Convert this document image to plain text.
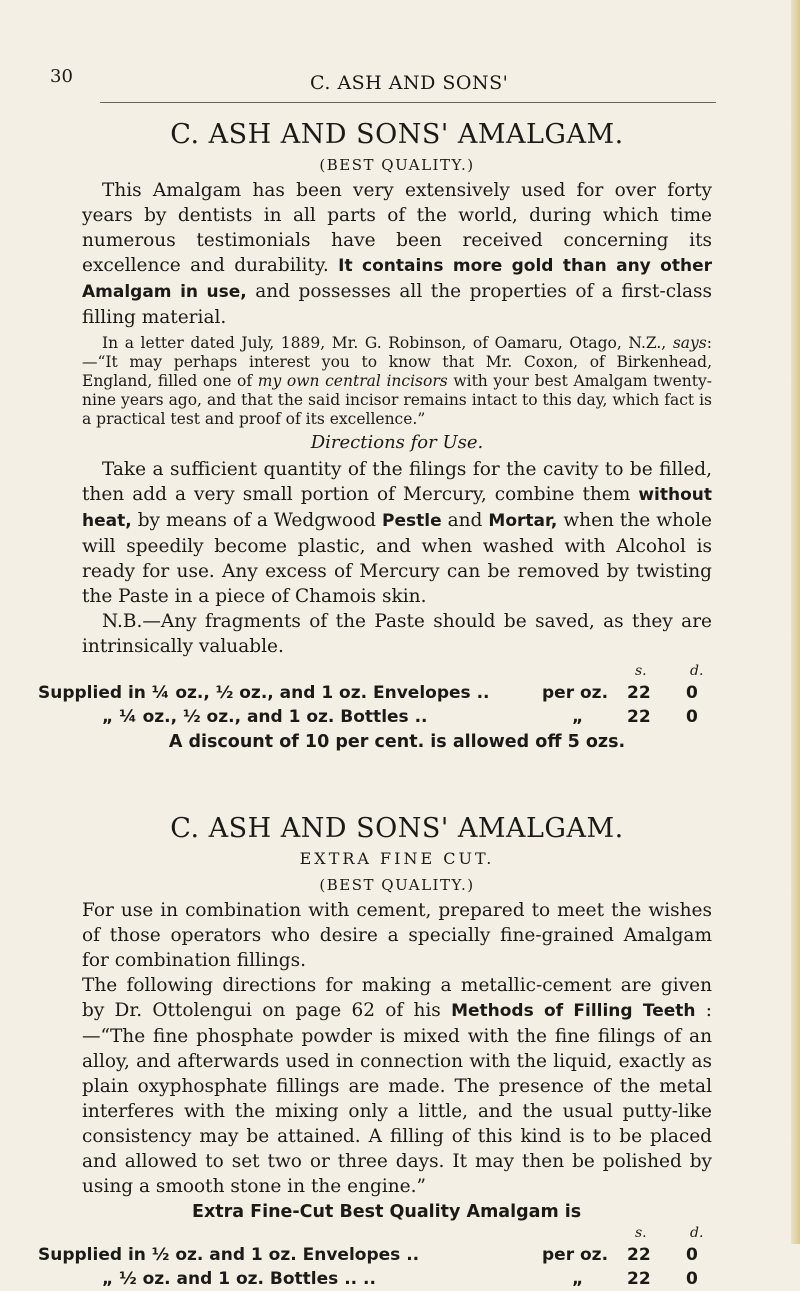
30	C. ASH AND SONS'
C. ASH AND SONS' AMALGAM.
(BEST QUALITY.)

This Amalgam has been very extensively used for over forty years by dentists in all parts of the world, during which time numerous testimonials have been received concerning its excellence and durability. It contains more gold than any other Amalgam in use, and possesses all the properties of a first-class filling material.

In a letter dated July, 1889, Mr. G. Robinson, of Oamaru, Otago, N.Z., says:—“It may perhaps interest you to know that Mr. Coxon, of Birkenhead, England, filled one of my own central incisors with your best Amalgam twenty-nine years ago, and that the said incisor remains intact to this day, which fact is a practical test and proof of its excellence.”

Directions for Use.

Take a sufficient quantity of the filings for the cavity to be filled, then add a very small portion of Mercury, combine them without heat, by means of a Wedgwood Pestle and Mortar, when the whole will speedily become plastic, and when washed with Alcohol is ready for use. Any excess of Mercury can be removed by twisting the Paste in a piece of Chamois skin.

N.B.—Any fragments of the Paste should be saved, as they are intrinsically valuable.

s.	d.
Supplied in ¼ oz., ½ oz., and 1 oz. Envelopes ..	per oz. 22 0
„ ¼ oz., ½ oz., and 1 oz. Bottles ..	„	22 0
A discount of 10 per cent. is allowed off 5 ozs.
C. ASH AND SONS' AMALGAM.
EXTRA FINE CUT.
(BEST QUALITY.)

For use in combination with cement, prepared to meet the wishes of those operators who desire a specially fine-grained Amalgam for combination fillings.

The following directions for making a metallic-cement are given by Dr. Ottolengui on page 62 of his Methods of Filling Teeth :—“The fine phosphate powder is mixed with the fine filings of an alloy, and afterwards used in connection with the liquid, exactly as plain oxyphosphate fillings are made. The presence of the metal interferes with the mixing only a little, and the usual putty-like consistency may be attained. A filling of this kind is to be placed and allowed to set two or three days. It may then be polished by using a smooth stone in the engine.”

Extra Fine-Cut Best Quality Amalgam is
s.	d.
Supplied in ½ oz. and 1 oz. Envelopes ..	per oz. 22 0
„ ½ oz. and 1 oz. Bottles .. ..	„	22 0
